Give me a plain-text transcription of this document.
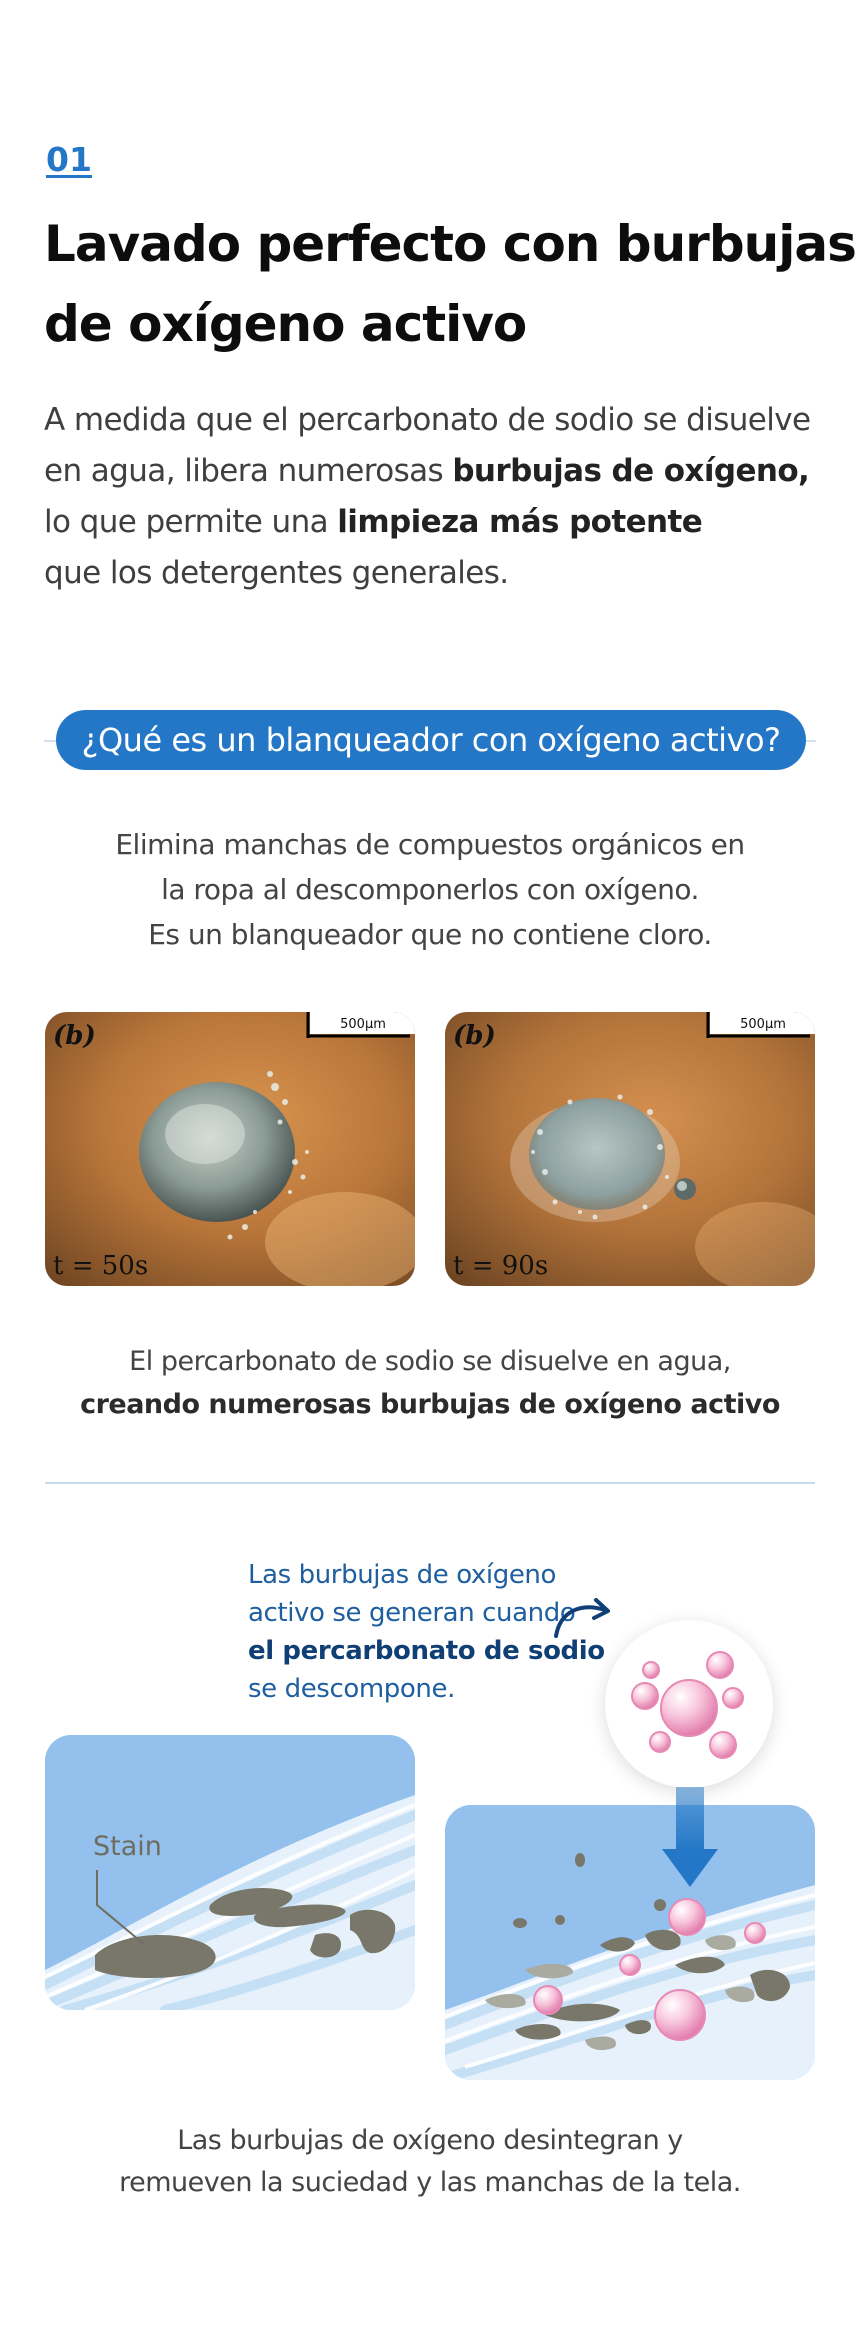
01
Lavado perfecto con burbujas
de oxígeno activo
A medida que el percarbonato de sodio se disuelve
en agua, libera numerosas burbujas de oxígeno,
lo que permite una limpieza más potente
que los detergentes generales.
¿Qué es un blanqueador con oxígeno activo?
Elimina manchas de compuestos orgánicos en
la ropa al descomponerlos con oxígeno.
Es un blanqueador que no contiene cloro.
500µm
(b)
t = 50s
500µm
(b)
t = 90s
El percarbonato de sodio se disuelve en agua,
creando numerosas burbujas de oxígeno activo
Las burbujas de oxígeno
activo se generan cuando
el percarbonato de sodio
se descompone.
Stain
Las burbujas de oxígeno desintegran y
remueven la suciedad y las manchas de la tela.
